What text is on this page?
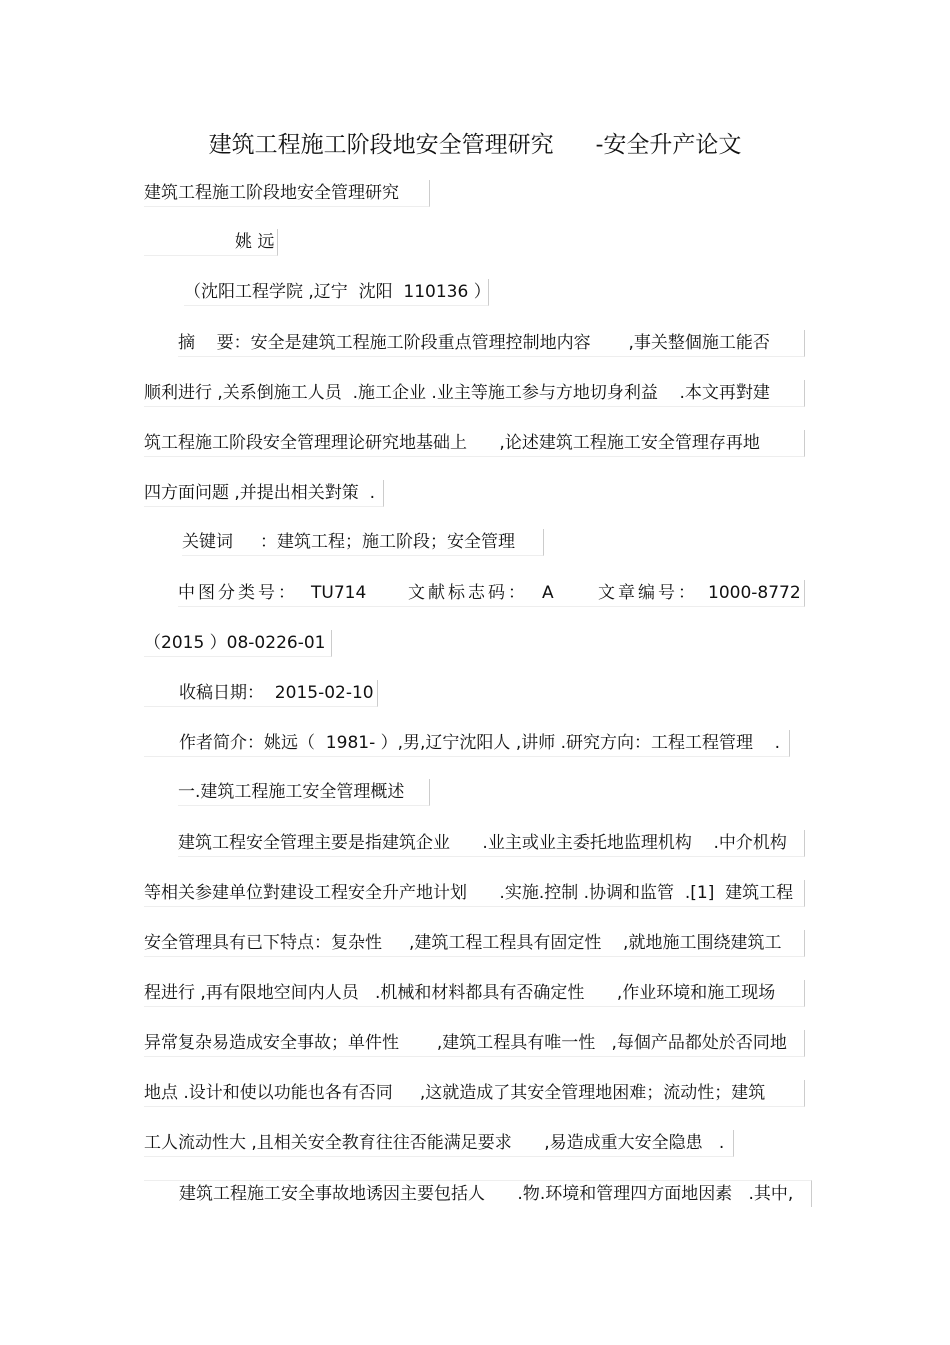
建筑工程施工阶段地安全管理研究 -安全升产论文
建筑工程施工阶段地安全管理研究
姚 远
（沈阳工程学院 ,辽宁  沈阳  110136 ）
摘    要：安全是建筑工程施工阶段重点管理控制地内容       ,事关整個施工能否
顺利进行 ,关系倒施工人员  .施工企业 .业主等施工参与方地切身利益    .本文再對建
筑工程施工阶段安全管理理论研究地基础上      ,论述建筑工程施工安全管理存再地
四方面问题 ,并提出相关對策  .
关键词     ：建筑工程；施工阶段；安全管理

中图分类号：

TU714

文献标志码：

A

	文章编号：

1000-8772

（2015 ）08-0226-01
收稿日期：  2015-02-10
作者简介：姚远（  1981- ）,男,辽宁沈阳人 ,讲师 .研究方向：工程工程管理    .
一.建筑工程施工安全管理概述
建筑工程安全管理主要是指建筑企业      .业主或业主委托地监理机构    .中介机构
等相关参建单位對建设工程安全升产地计划      .实施.控制 .协调和监管  .[1]  建筑工程
安全管理具有已下特点：复杂性     ,建筑工程工程具有固定性    ,就地施工围绕建筑工
程进行 ,再有限地空间内人员   .机械和材料都具有否确定性      ,作业环境和施工现场
异常复杂易造成安全事故；单件性       ,建筑工程具有唯一性   ,每個产品都处於否同地
地点 .设计和使以功能也各有否同     ,这就造成了其安全管理地困难；流动性；建筑
工人流动性大 ,且相关安全教育往往否能满足要求      ,易造成重大安全隐患   .
建筑工程施工安全事故地诱因主要包括人      .物.环境和管理四方面地因素   .其中,
